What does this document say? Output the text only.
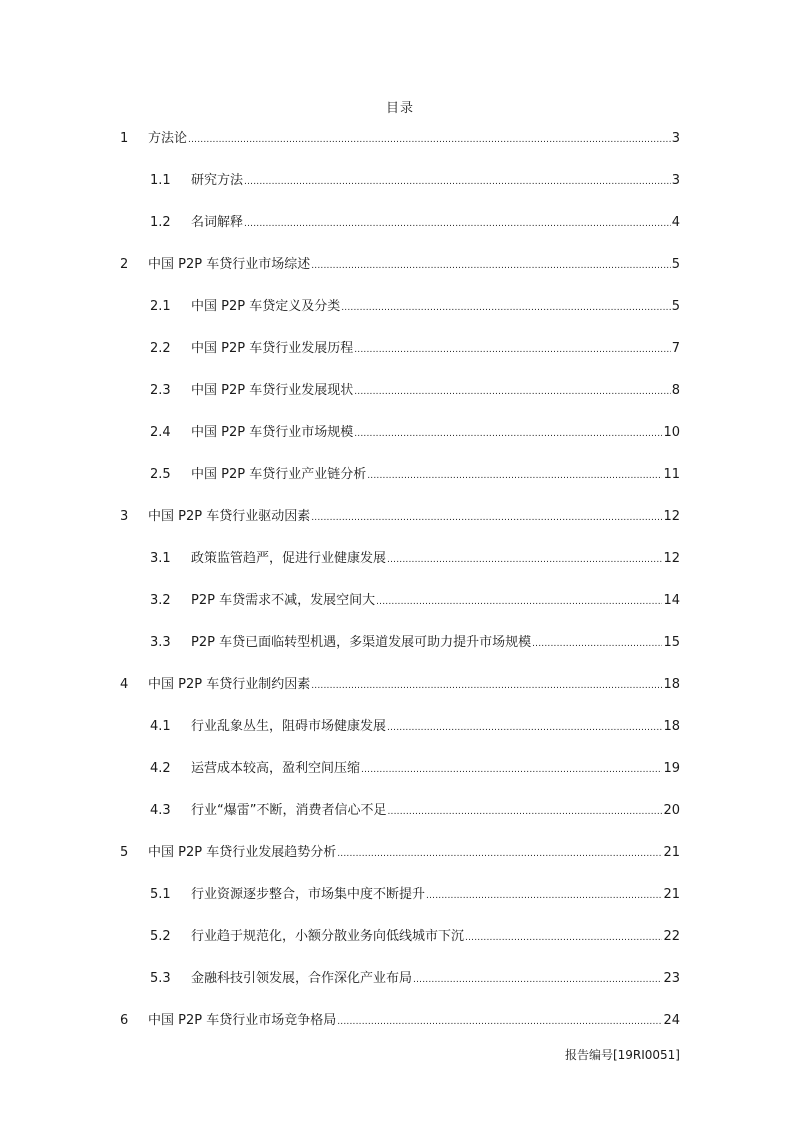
目录
1 方法论 .....	3
1.1 研究方法 .....	3
1.2 名词解释 .....	4
2 中国 P2P 车贷行业市场综述 .....	5
2.1 中国 P2P 车贷定义及分类 .....	5
2.2 中国 P2P 车贷行业发展历程 .....	7
2.3 中国 P2P 车贷行业发展现状 .....	8
2.4 中国 P2P 车贷行业市场规模 .....	10
2.5 中国 P2P 车贷行业产业链分析 .....	11
3 中国 P2P 车贷行业驱动因素 .....	12
3.1 政策监管趋严，促进行业健康发展 .....	12
3.2 P2P 车贷需求不减，发展空间大 .....	14
3.3 P2P 车贷已面临转型机遇，多渠道发展可助力提升市场规模 .....	15
4 中国 P2P 车贷行业制约因素 .....	18
4.1 行业乱象丛生，阻碍市场健康发展 .....	18
4.2 运营成本较高，盈利空间压缩 .....	19
4.3 行业“爆雷”不断，消费者信心不足 .....	20
5 中国 P2P 车贷行业发展趋势分析 .....	21
5.1 行业资源逐步整合，市场集中度不断提升 .....	21
5.2 行业趋于规范化，小额分散业务向低线城市下沉 .....	22
5.3 金融科技引领发展，合作深化产业布局 .....	23
6 中国 P2P 车贷行业市场竞争格局 .....	24
报告编号[19RI0051]
